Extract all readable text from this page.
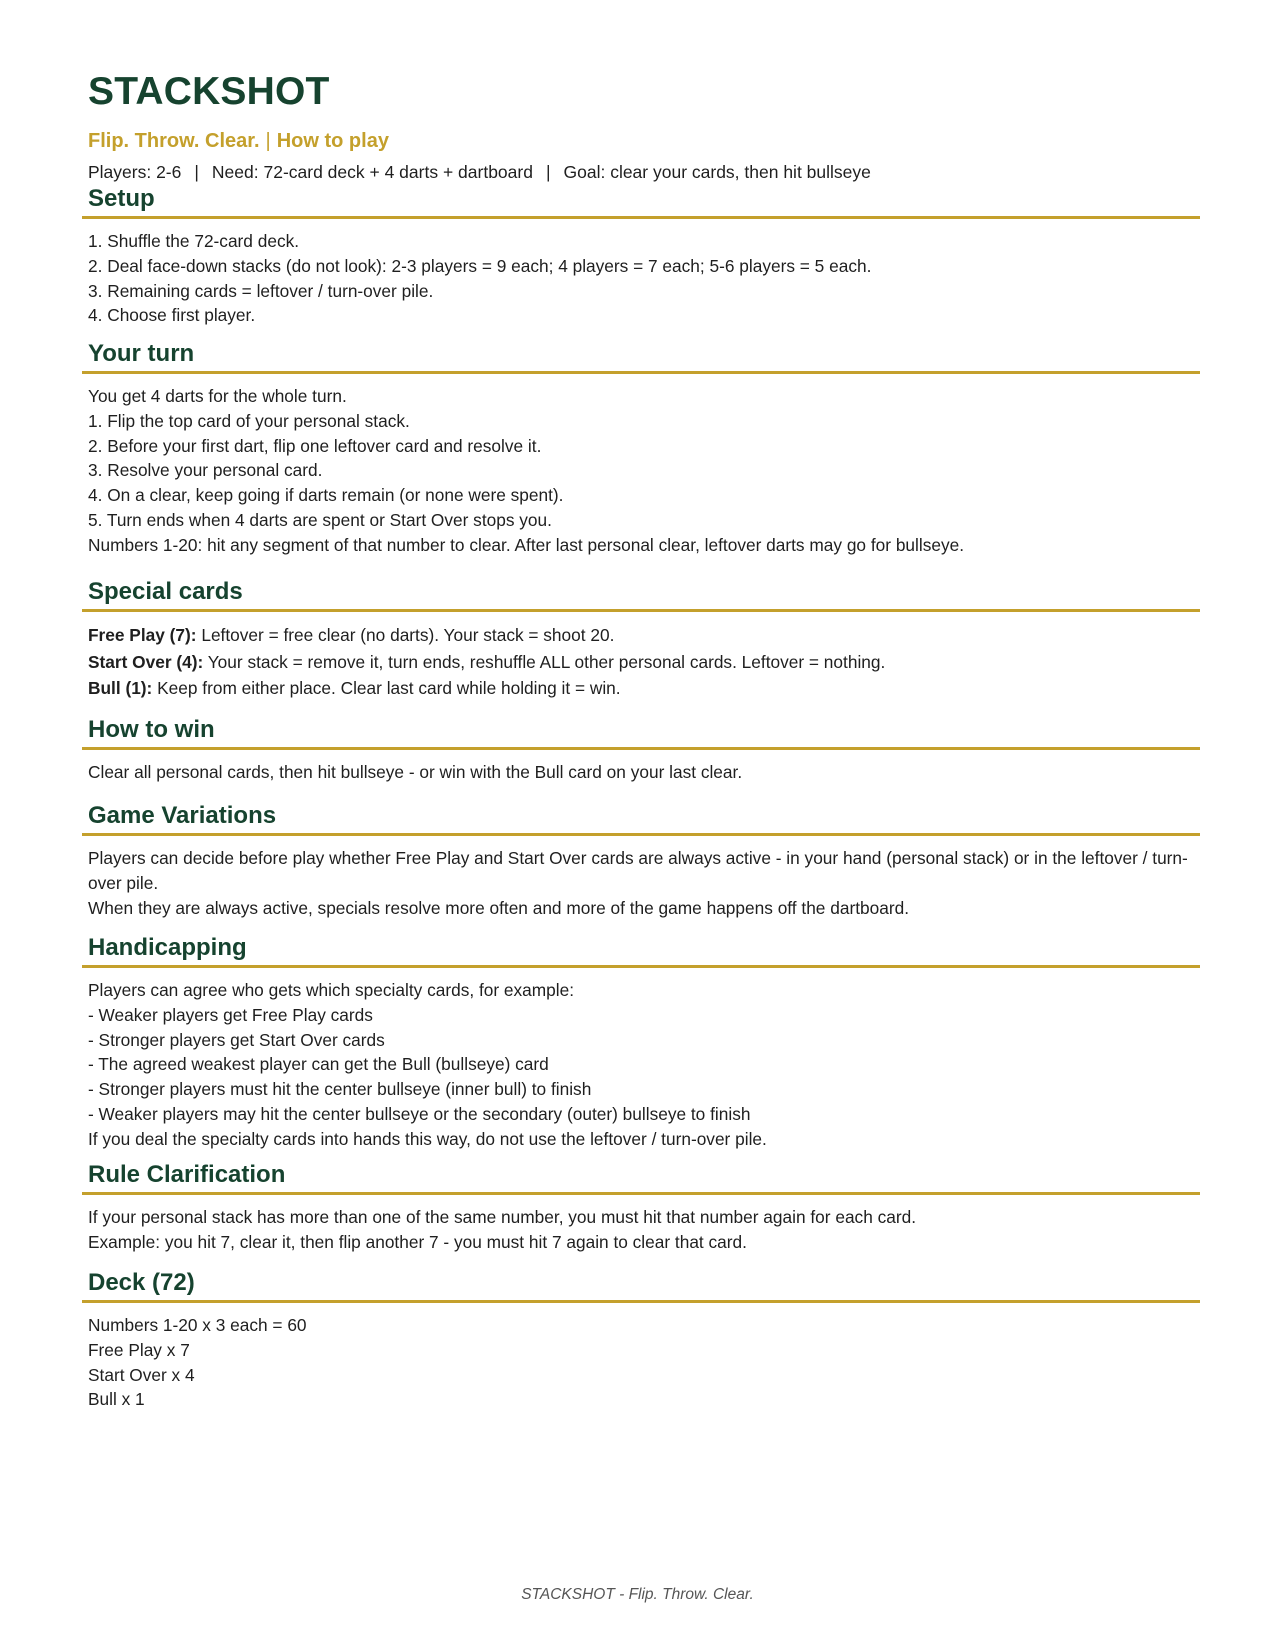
STACKSHOT
Flip. Throw. Clear. | How to play
Players: 2-6 | Need: 72-card deck + 4 darts + dartboard | Goal: clear your cards, then hit bullseye
Setup
1. Shuffle the 72-card deck.
2. Deal face-down stacks (do not look): 2-3 players = 9 each; 4 players = 7 each; 5-6 players = 5 each.
3. Remaining cards = leftover / turn-over pile.
4. Choose first player.
Your turn
You get 4 darts for the whole turn.
1. Flip the top card of your personal stack.
2. Before your first dart, flip one leftover card and resolve it.
3. Resolve your personal card.
4. On a clear, keep going if darts remain (or none were spent).
5. Turn ends when 4 darts are spent or Start Over stops you.
Numbers 1-20: hit any segment of that number to clear. After last personal clear, leftover darts may go for bullseye.
Special cards
Free Play (7): Leftover = free clear (no darts). Your stack = shoot 20.
Start Over (4): Your stack = remove it, turn ends, reshuffle ALL other personal cards. Leftover = nothing.
Bull (1): Keep from either place. Clear last card while holding it = win.
How to win
Clear all personal cards, then hit bullseye - or win with the Bull card on your last clear.
Game Variations
Players can decide before play whether Free Play and Start Over cards are always active - in your hand (personal stack) or in the leftover / turn-over pile.
When they are always active, specials resolve more often and more of the game happens off the dartboard.
Handicapping
Players can agree who gets which specialty cards, for example:
- Weaker players get Free Play cards
- Stronger players get Start Over cards
- The agreed weakest player can get the Bull (bullseye) card
- Stronger players must hit the center bullseye (inner bull) to finish
- Weaker players may hit the center bullseye or the secondary (outer) bullseye to finish
If you deal the specialty cards into hands this way, do not use the leftover / turn-over pile.
Rule Clarification
If your personal stack has more than one of the same number, you must hit that number again for each card.
Example: you hit 7, clear it, then flip another 7 - you must hit 7 again to clear that card.
Deck (72)
Numbers 1-20 x 3 each = 60
Free Play x 7
Start Over x 4
Bull x 1
STACKSHOT - Flip. Throw. Clear.
